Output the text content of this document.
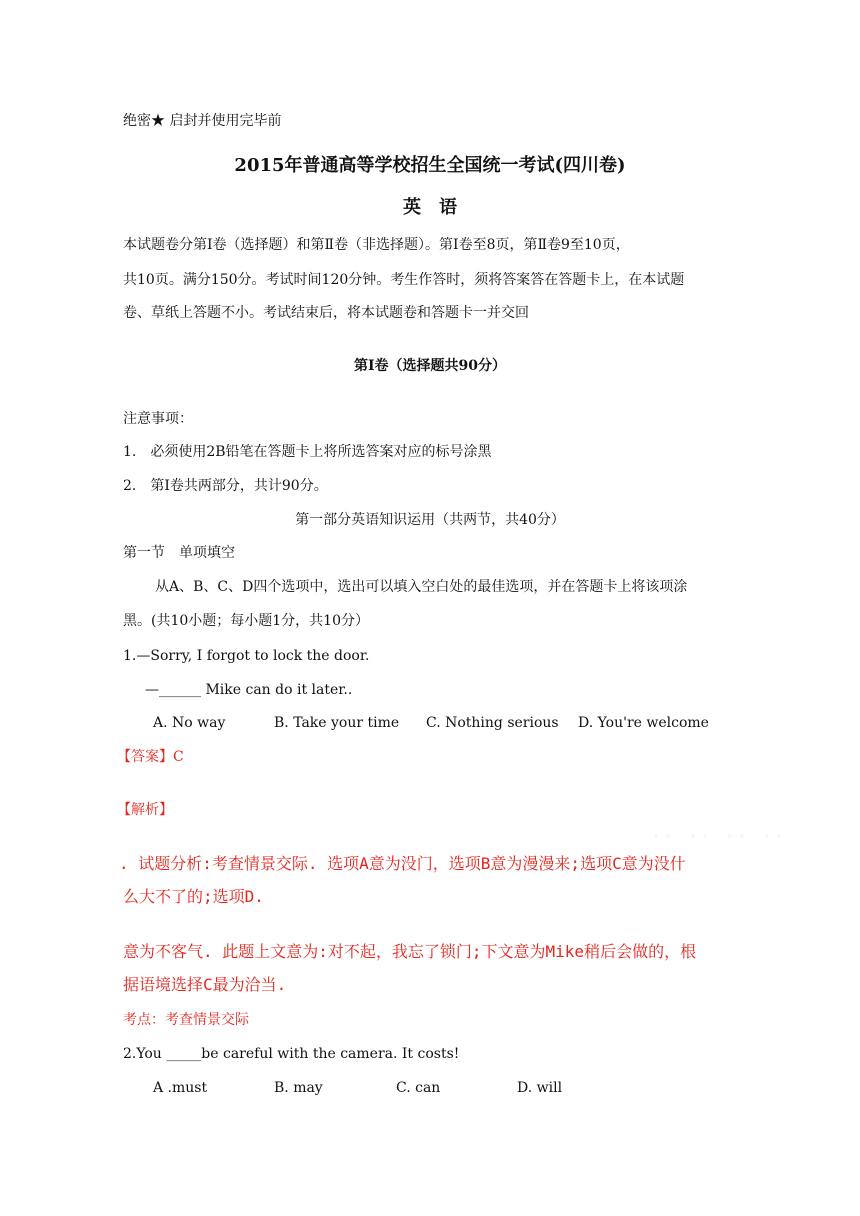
绝密★ 启封并使用完毕前
2015年普通高等学校招生全国统一考试(四川卷)
英　语
本试题卷分第Ⅰ卷（选择题）和第Ⅱ卷（非选择题）。第Ⅰ卷至8页，第Ⅱ卷9至10页，
共10页。满分150分。考试时间120分钟。考生作答时，须将答案答在答题卡上，在本试题
卷、草纸上答题不小。考试结束后，将本试题卷和答题卡一并交回
第Ⅰ卷（选择题共90分）
注意事项：
1.　必须使用2B铅笔在答题卡上将所选答案对应的标号涂黑
2.　第Ⅰ卷共两部分，共计90分。
第一部分英语知识运用（共两节，共40分）
第一节　单项填空
从A、B、C、D四个选项中，选出可以填入空白处的最佳选项，并在答题卡上将该项涂
黑。(共10小题；每小题1分，共10分）
1.—Sorry, I forgot to lock the door.
—______ Mike can do it later..
A. No way	B. Take your time	C. Nothing serious	D. You're welcome
【答案】C
【解析】
·· ·· ·· ··
. 试题分析:考查情景交际. 选项A意为没门，选项B意为漫漫来;选项C意为没什
么大不了的;选项D.
意为不客气. 此题上文意为:对不起，我忘了锁门;下文意为Mike稍后会做的，根
据语境选择C最为洽当.
考点：考查情景交际
2.You _____be careful with the camera. It costs!
A .must	B. may	C. can	D. will
